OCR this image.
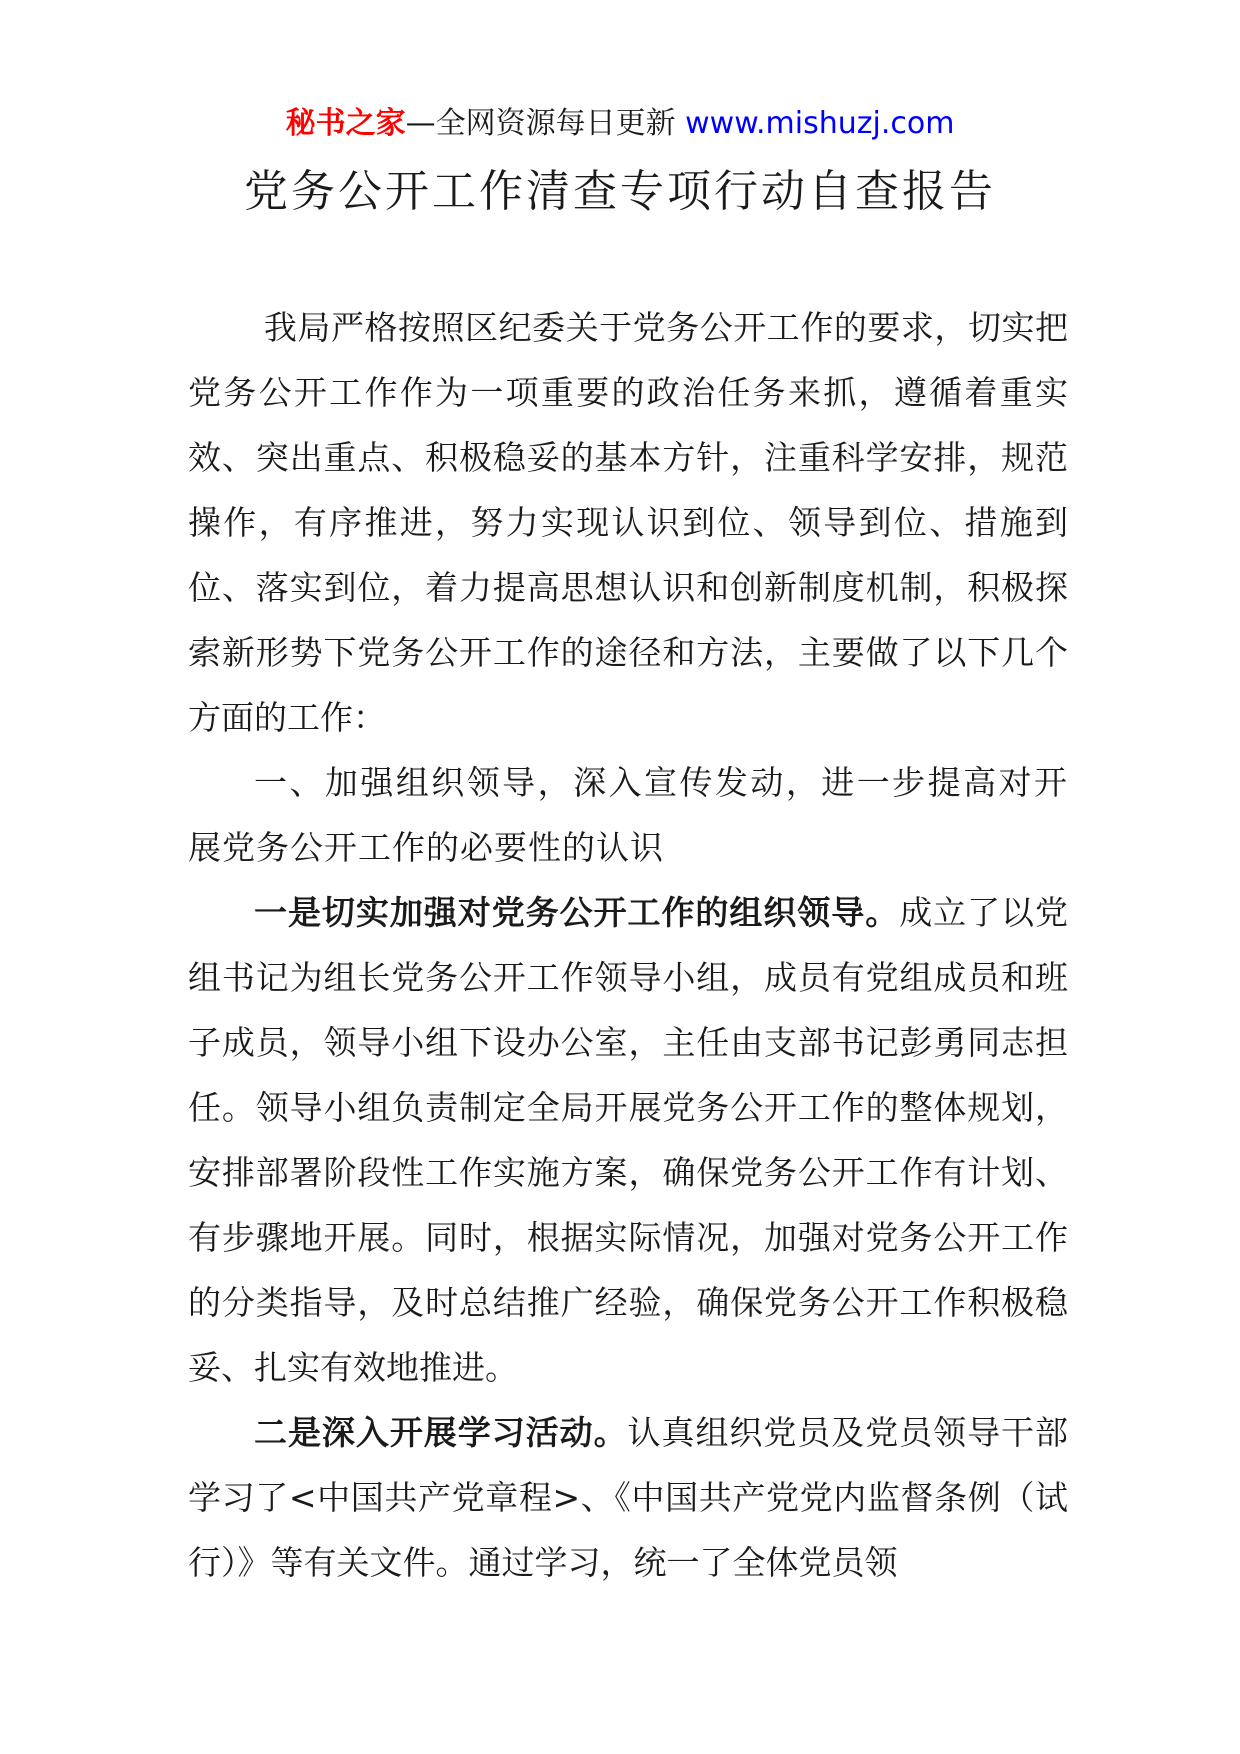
秘书之家—全网资源每日更新 www.mishuzj.com
党务公开工作清查专项行动自查报告

我局严格按照区纪委关于党务公开工作的要求，切实把党务公开工作作为一项重要的政治任务来抓，遵循着重实效、突出重点、积极稳妥的基本方针，注重科学安排，规范操作，有序推进，努力实现认识到位、领导到位、措施到位、落实到位，着力提高思想认识和创新制度机制，积极探索新形势下党务公开工作的途径和方法，主要做了以下几个方面的工作：

一、加强组织领导，深入宣传发动，进一步提高对开展党务公开工作的必要性的认识

一是切实加强对党务公开工作的组织领导。成立了以党组书记为组长党务公开工作领导小组，成员有党组成员和班子成员，领导小组下设办公室，主任由支部书记彭勇同志担任。领导小组负责制定全局开展党务公开工作的整体规划，安排部署阶段性工作实施方案，确保党务公开工作有计划、有步骤地开展。同时，根据实际情况，加强对党务公开工作的分类指导，及时总结推广经验，确保党务公开工作积极稳妥、扎实有效地推进。

二是深入开展学习活动。认真组织党员及党员领导干部学习了<中国共产党章程>、《中国共产党党内监督条例（试行）》等有关文件。通过学习，统一了全体党员领
